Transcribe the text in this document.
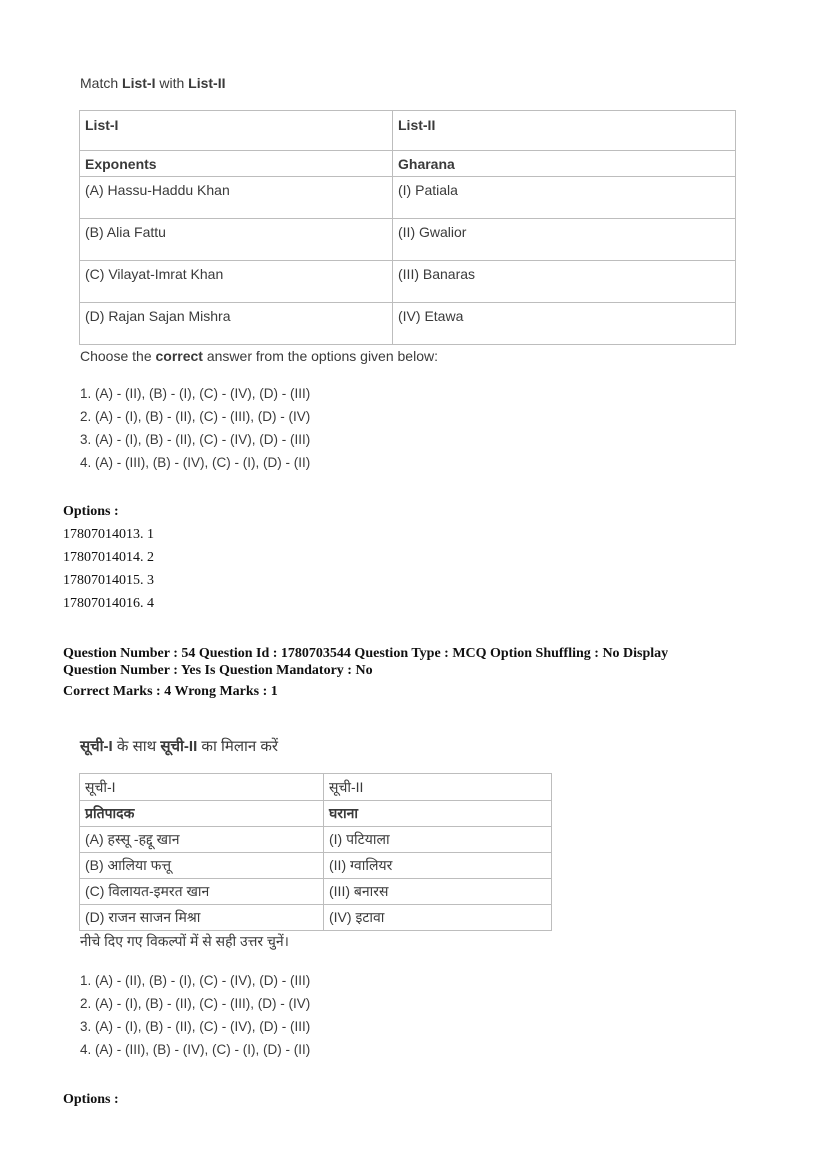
Match List-I with List-II
List-I	List-II
Exponents	Gharana
(A) Hassu-Haddu Khan	(I) Patiala
(B) Alia Fattu	(II) Gwalior
(C) Vilayat-Imrat Khan	(III) Banaras
(D) Rajan Sajan Mishra	(IV) Etawa
Choose the correct answer from the options given below:
1. (A) - (II), (B) - (I), (C) - (IV), (D) - (III)
2. (A) - (I), (B) - (II), (C) - (III), (D) - (IV)
3. (A) - (I), (B) - (II), (C) - (IV), (D) - (III)
4. (A) - (III), (B) - (IV), (C) - (I), (D) - (II)
Options :
17807014013. 1
17807014014. 2
17807014015. 3
17807014016. 4
Question Number : 54 Question Id : 1780703544 Question Type : MCQ Option Shuffling : No Display
Question Number : Yes Is Question Mandatory : No
Correct Marks : 4 Wrong Marks : 1
सूची-I के साथ सूची-II का मिलान करें
सूची-I	सूची-II
प्रतिपादक	घराना
(A) हस्सू -हद्दू खान	(I) पटियाला
(B) आलिया फत्तू	(II) ग्वालियर
(C) विलायत-इमरत खान	(III) बनारस
(D) राजन साजन मिश्रा	(IV) इटावा
नीचे दिए गए विकल्पों में से सही उत्तर चुनें।
1. (A) - (II), (B) - (I), (C) - (IV), (D) - (III)
2. (A) - (I), (B) - (II), (C) - (III), (D) - (IV)
3. (A) - (I), (B) - (II), (C) - (IV), (D) - (III)
4. (A) - (III), (B) - (IV), (C) - (I), (D) - (II)
Options :
